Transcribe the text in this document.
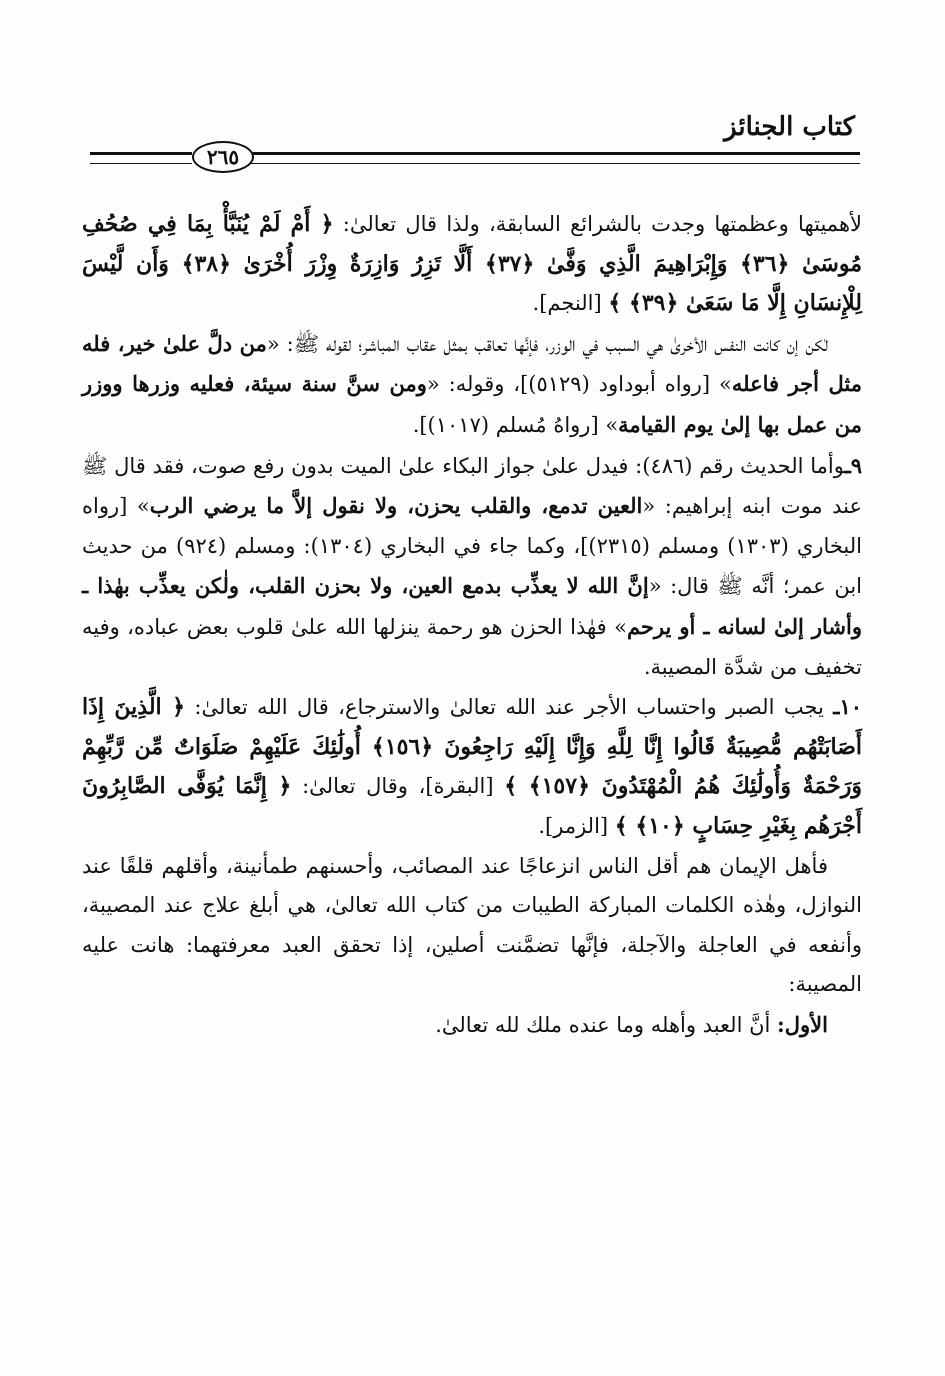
كتاب الجنائز
٢٦٥

لأهميتها وعظمتها وجدت بالشرائع السابقة، ولذا قال تعالىٰ: ﴿ أَمْ لَمْ يُنَبَّأْ بِمَا فِي صُحُفِ مُوسَىٰ ﴿٣٦﴾ وَإِبْرَاهِيمَ الَّذِي وَفَّىٰ ﴿٣٧﴾ أَلَّا تَزِرُ وَازِرَةٌ وِزْرَ أُخْرَىٰ ﴿٣٨﴾ وَأَن لَّيْسَ لِلْإِنسَانِ إِلَّا مَا سَعَىٰ ﴿٣٩﴾ ﴾ [النجم].

لٰكن إن كانت النفس الأخرىٰ هي السبب في الوزر، فإنَّها تعاقب بمثل عقاب المباشر؛ لقوله ﷺ: «من دلَّ علىٰ خير، فله مثل أجر فاعله» [رواه أبوداود (٥١٢٩)]، وقوله: «ومن سنَّ سنة سيئة، فعليه وزرها ووزر من عمل بها إلىٰ يوم القيامة» [رواهُ مُسلم (١٠١٧)].

٩ـوأما الحديث رقم (٤٨٦): فيدل علىٰ جواز البكاء علىٰ الميت بدون رفع صوت، فقد قال ﷺ عند موت ابنه إبراهيم: «العين تدمع، والقلب يحزن، ولا نقول إلاَّ ما يرضي الرب» [رواه البخاري (١٣٠٣) ومسلم (٢٣١٥)]، وكما جاء في البخاري (١٣٠٤): ومسلم (٩٢٤) من حديث ابن عمر؛ أنَّه ﷺ قال: «إنَّ الله لا يعذِّب بدمع العين، ولا بحزن القلب، ولٰكن يعذِّب بهٰذا ـ وأشار إلىٰ لسانه ـ أو يرحم» فهٰذا الحزن هو رحمة ينزلها الله علىٰ قلوب بعض عباده، وفيه تخفيف من شدَّة المصيبة.

١٠ـ يجب الصبر واحتساب الأجر عند الله تعالىٰ والاسترجاع، قال الله تعالىٰ: ﴿ الَّذِينَ إِذَا أَصَابَتْهُم مُّصِيبَةٌ قَالُوا إِنَّا لِلَّهِ وَإِنَّا إِلَيْهِ رَاجِعُونَ ﴿١٥٦﴾ أُولَٰئِكَ عَلَيْهِمْ صَلَوَاتٌ مِّن رَّبِّهِمْ وَرَحْمَةٌ وَأُولَٰئِكَ هُمُ الْمُهْتَدُونَ ﴿١٥٧﴾ ﴾ [البقرة]، وقال تعالىٰ: ﴿ إِنَّمَا يُوَفَّى الصَّابِرُونَ أَجْرَهُم بِغَيْرِ حِسَابٍ ﴿١٠﴾ ﴾ [الزمر].

فأهل الإيمان هم أقل الناس انزعاجًا عند المصائب، وأحسنهم طمأنينة، وأقلهم قلقًا عند النوازل، وهٰذه الكلمات المباركة الطيبات من كتاب الله تعالىٰ، هي أبلغ علاج عند المصيبة، وأنفعه في العاجلة والآجلة، فإنَّها تضمَّنت أصلين، إذا تحقق العبد معرفتهما: هانت عليه المصيبة:

الأول: أنَّ العبد وأهله وما عنده ملك لله تعالىٰ.
